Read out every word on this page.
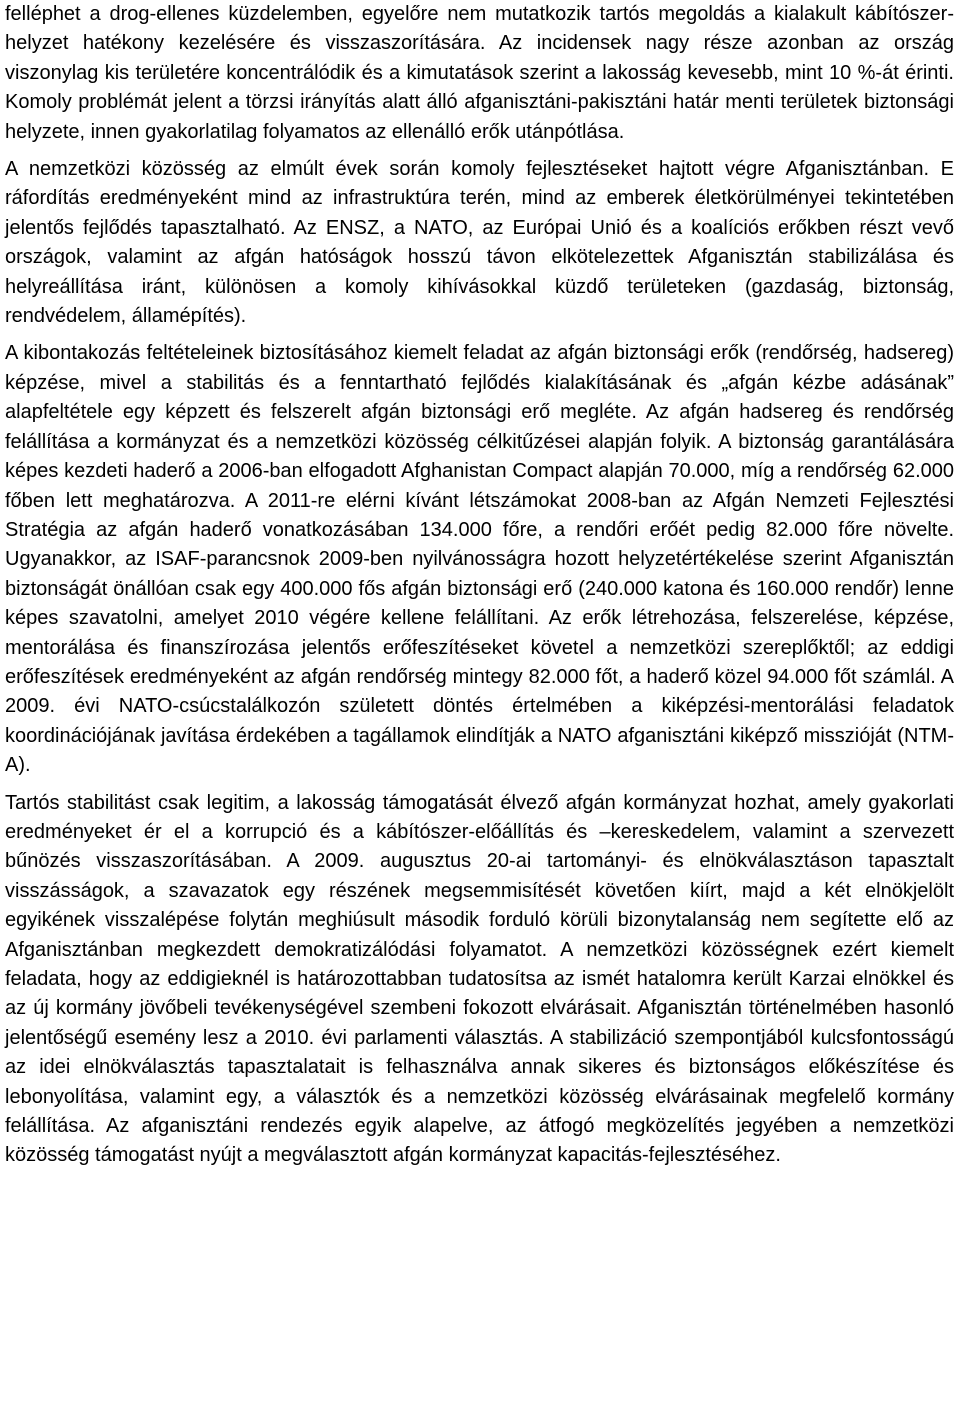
felléphet a drog-ellenes küzdelemben, egyelőre nem mutatkozik tartós megoldás a kialakult kábítószer-helyzet hatékony kezelésére és visszaszorítására. Az incidensek nagy része azonban az ország viszonylag kis területére koncentrálódik és a kimutatások szerint a lakosság kevesebb, mint 10 %-át érinti. Komoly problémát jelent a törzsi irányítás alatt álló afganisztáni-pakisztáni határ menti területek biztonsági helyzete, innen gyakorlatilag folyamatos az ellenálló erők utánpótlása.

A nemzetközi közösség az elmúlt évek során komoly fejlesztéseket hajtott végre Afganisztánban. E ráfordítás eredményeként mind az infrastruktúra terén, mind az emberek életkörülményei tekintetében jelentős fejlődés tapasztalható. Az ENSZ, a NATO, az Európai Unió és a koalíciós erőkben részt vevő országok, valamint az afgán hatóságok hosszú távon elkötelezettek Afganisztán stabilizálása és helyreállítása iránt, különösen a komoly kihívásokkal küzdő területeken (gazdaság, biztonság, rendvédelem, államépítés).

A kibontakozás feltételeinek biztosításához kiemelt feladat az afgán biztonsági erők (rendőrség, hadsereg) képzése, mivel a stabilitás és a fenntartható fejlődés kialakításának és „afgán kézbe adásának” alapfeltétele egy képzett és felszerelt afgán biztonsági erő megléte. Az afgán hadsereg és rendőrség felállítása a kormányzat és a nemzetközi közösség célkitűzései alapján folyik. A biztonság garantálására képes kezdeti haderő a 2006-ban elfogadott Afghanistan Compact alapján 70.000, míg a rendőrség 62.000 főben lett meghatározva. A 2011-re elérni kívánt létszámokat 2008-ban az Afgán Nemzeti Fejlesztési Stratégia az afgán haderő vonatkozásában 134.000 főre, a rendőri erőét pedig 82.000 főre növelte. Ugyanakkor, az ISAF-parancsnok 2009-ben nyilvánosságra hozott helyzetértékelése szerint Afganisztán biztonságát önállóan csak egy 400.000 fős afgán biztonsági erő (240.000 katona és 160.000 rendőr) lenne képes szavatolni, amelyet 2010 végére kellene felállítani. Az erők létrehozása, felszerelése, képzése, mentorálása és finanszírozása jelentős erőfeszítéseket követel a nemzetközi szereplőktől; az eddigi erőfeszítések eredményeként az afgán rendőrség mintegy 82.000 főt, a haderő közel 94.000 főt számlál. A 2009. évi NATO-csúcstalálkozón született döntés értelmében a kiképzési-mentorálási feladatok koordinációjának javítása érdekében a tagállamok elindítják a NATO afganisztáni kiképző misszióját (NTM-A).

Tartós stabilitást csak legitim, a lakosság támogatását élvező afgán kormányzat hozhat, amely gyakorlati eredményeket ér el a korrupció és a kábítószer-előállítás és –kereskedelem, valamint a szervezett bűnözés visszaszorításában. A 2009. augusztus 20-ai tartományi- és elnökválasztáson tapasztalt visszásságok, a szavazatok egy részének megsemmisítését követően kiírt, majd a két elnökjelölt egyikének visszalépése folytán meghiúsult második forduló körüli bizonytalanság nem segítette elő az Afganisztánban megkezdett demokratizálódási folyamatot. A nemzetközi közösségnek ezért kiemelt feladata, hogy az eddigieknél is határozottabban tudatosítsa az ismét hatalomra került Karzai elnökkel és az új kormány jövőbeli tevékenységével szembeni fokozott elvárásait. Afganisztán történelmében hasonló jelentőségű esemény lesz a 2010. évi parlamenti választás. A stabilizáció szempontjából kulcsfontosságú az idei elnökválasztás tapasztalatait is felhasználva annak sikeres és biztonságos előkészítése és lebonyolítása, valamint egy, a választók és a nemzetközi közösség elvárásainak megfelelő kormány felállítása. Az afganisztáni rendezés egyik alapelve, az átfogó megközelítés jegyében a nemzetközi közösség támogatást nyújt a megválasztott afgán kormányzat kapacitás-fejlesztéséhez.
